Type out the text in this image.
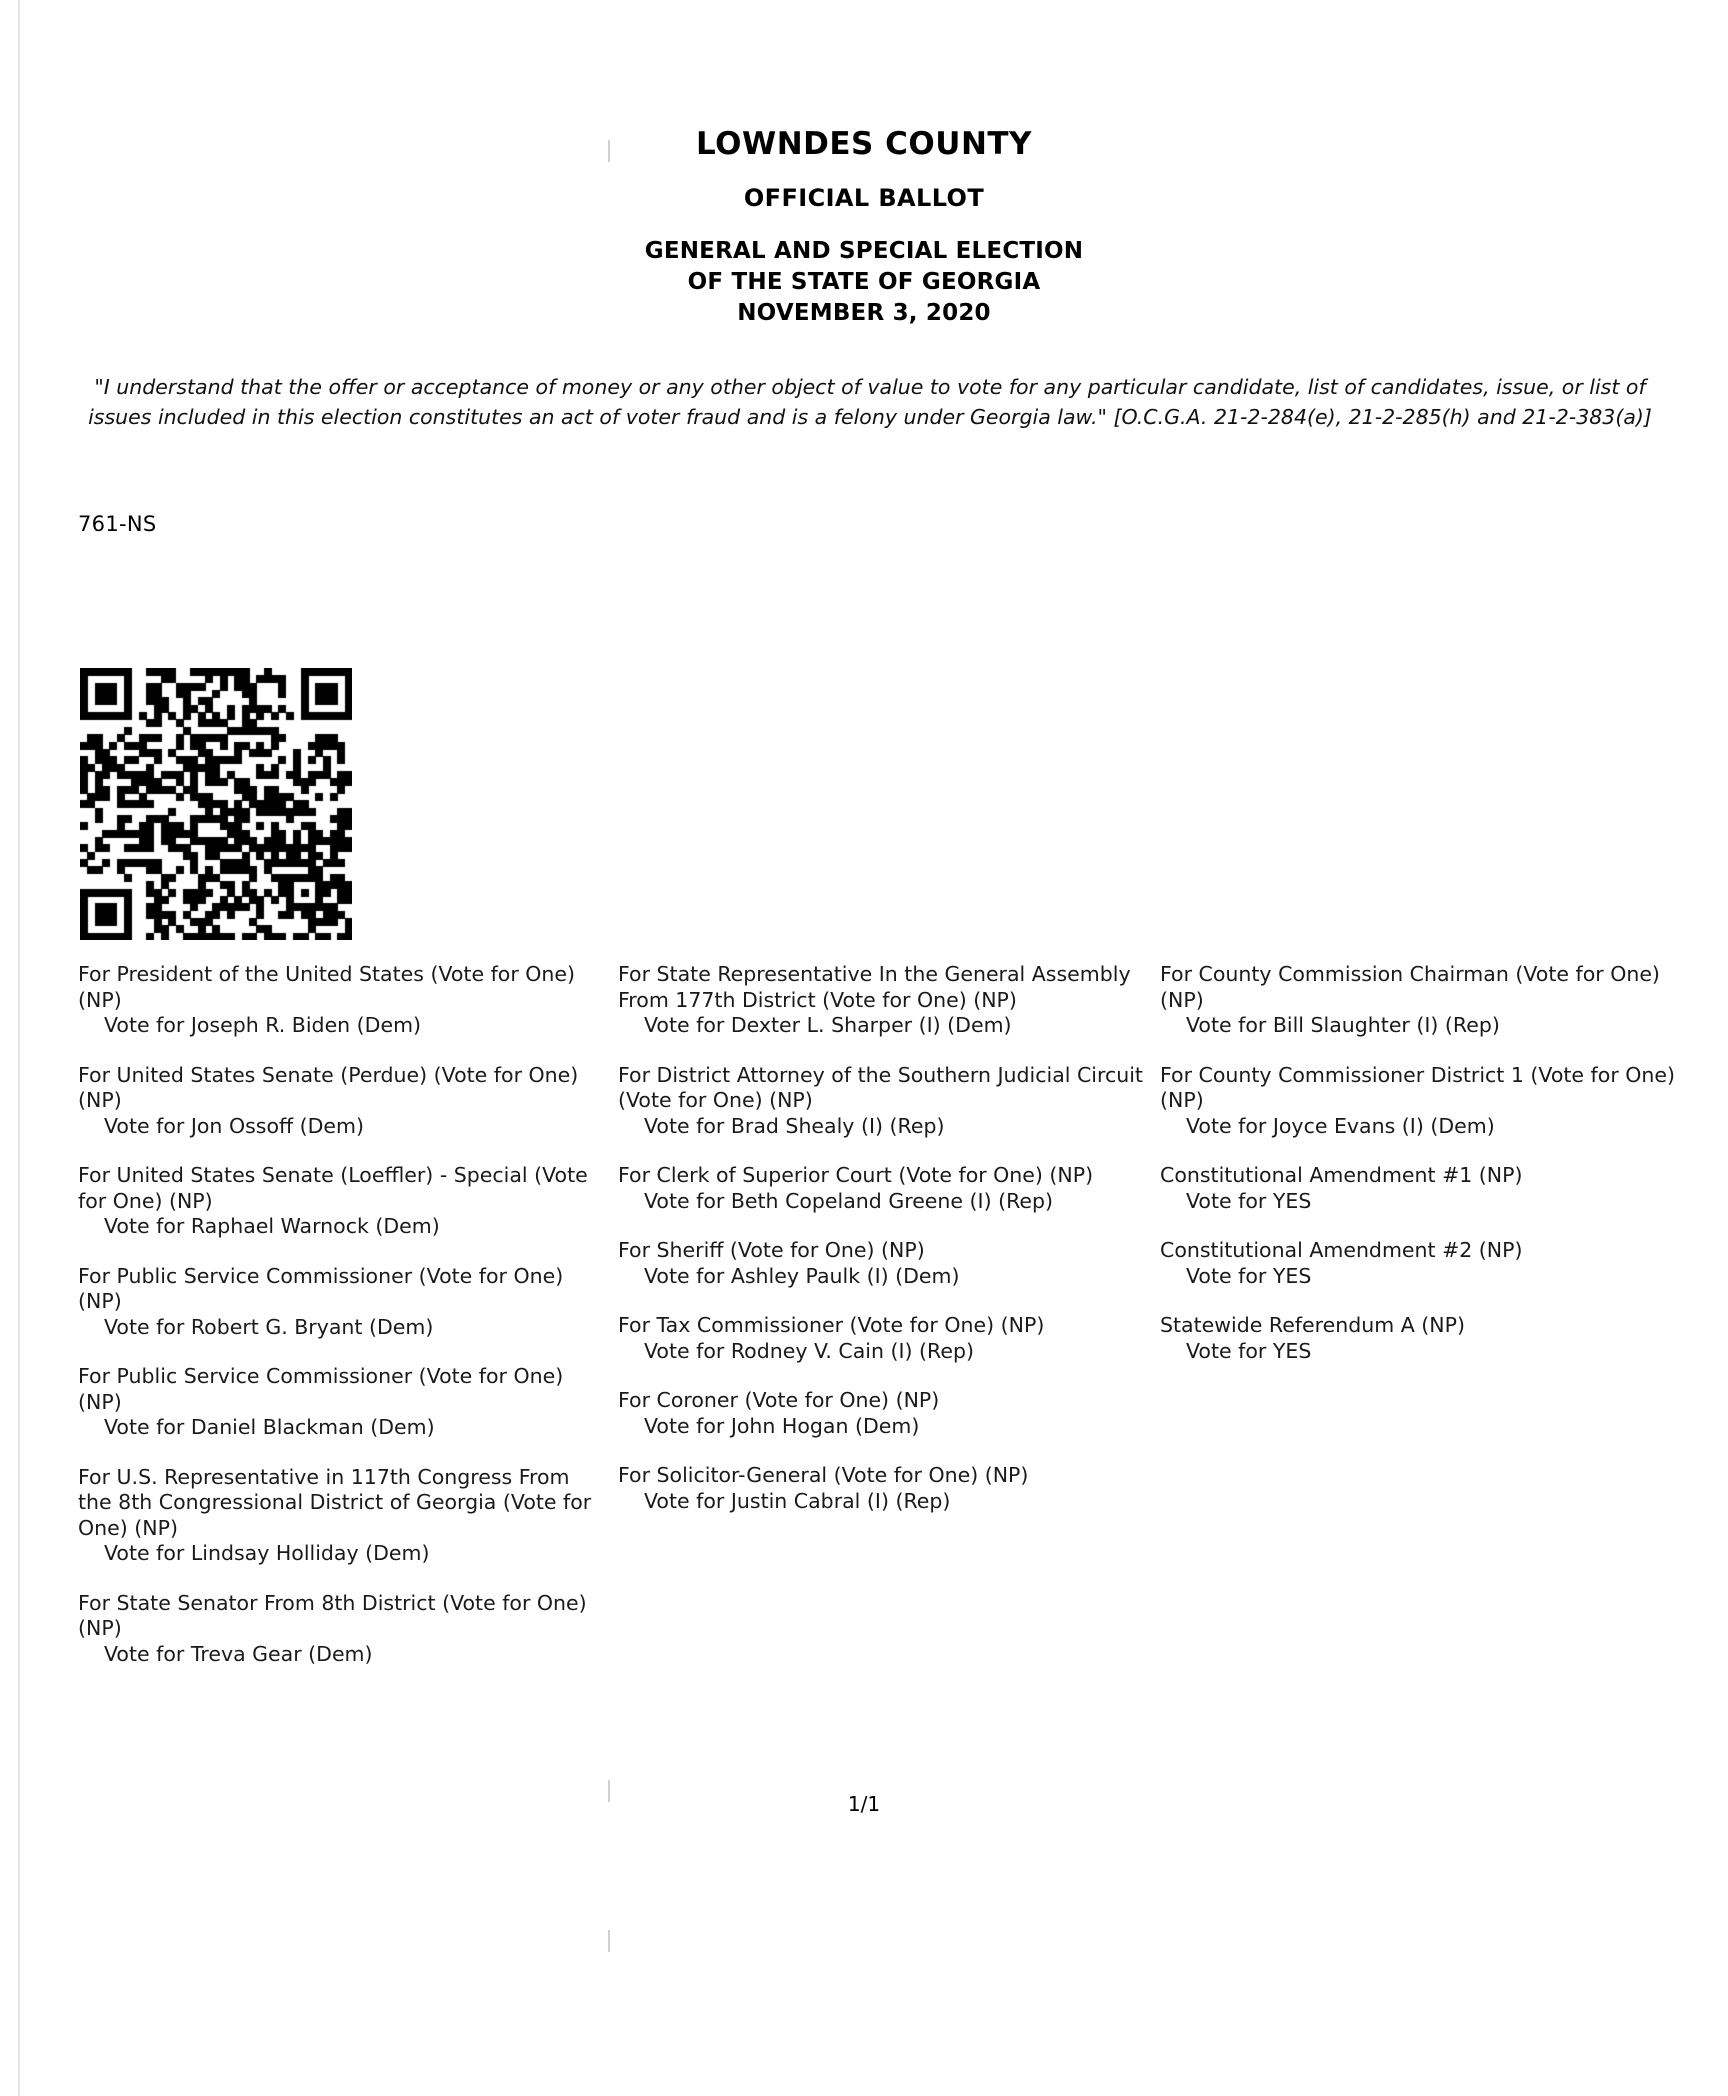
LOWNDES COUNTY
OFFICIAL BALLOT
GENERAL AND SPECIAL ELECTION
OF THE STATE OF GEORGIA
NOVEMBER 3, 2020
"I understand that the offer or acceptance of money or any other object of value to vote for any particular candidate, list of candidates, issue, or list of issues included in this election constitutes an act of voter fraud and is a felony under Georgia law." [O.C.G.A. 21-2-284(e), 21-2-285(h) and 21-2-383(a)]
761-NS
For President of the United States (Vote for One) (NP)
Vote for Joseph R. Biden (Dem)
For United States Senate (Perdue) (Vote for One) (NP)
Vote for Jon Ossoff (Dem)
For United States Senate (Loeffler) - Special (Vote for One) (NP)
Vote for Raphael Warnock (Dem)
For Public Service Commissioner (Vote for One) (NP)
Vote for Robert G. Bryant (Dem)
For Public Service Commissioner (Vote for One) (NP)
Vote for Daniel Blackman (Dem)
For U.S. Representative in 117th Congress From the 8th Congressional District of Georgia (Vote for One) (NP)
Vote for Lindsay Holliday (Dem)
For State Senator From 8th District (Vote for One) (NP)
Vote for Treva Gear (Dem)
For State Representative In the General Assembly From 177th District (Vote for One) (NP)
Vote for Dexter L. Sharper (I) (Dem)
For District Attorney of the Southern Judicial Circuit (Vote for One) (NP)
Vote for Brad Shealy (I) (Rep)
For Clerk of Superior Court (Vote for One) (NP)
Vote for Beth Copeland Greene (I) (Rep)
For Sheriff (Vote for One) (NP)
Vote for Ashley Paulk (I) (Dem)
For Tax Commissioner (Vote for One) (NP)
Vote for Rodney V. Cain (I) (Rep)
For Coroner (Vote for One) (NP)
Vote for John Hogan (Dem)
For Solicitor-General (Vote for One) (NP)
Vote for Justin Cabral (I) (Rep)
For County Commission Chairman (Vote for One) (NP)
Vote for Bill Slaughter (I) (Rep)
For County Commissioner District 1 (Vote for One) (NP)
Vote for Joyce Evans (I) (Dem)
Constitutional Amendment #1 (NP)
Vote for YES
Constitutional Amendment #2 (NP)
Vote for YES
Statewide Referendum A (NP)
Vote for YES
1/1
